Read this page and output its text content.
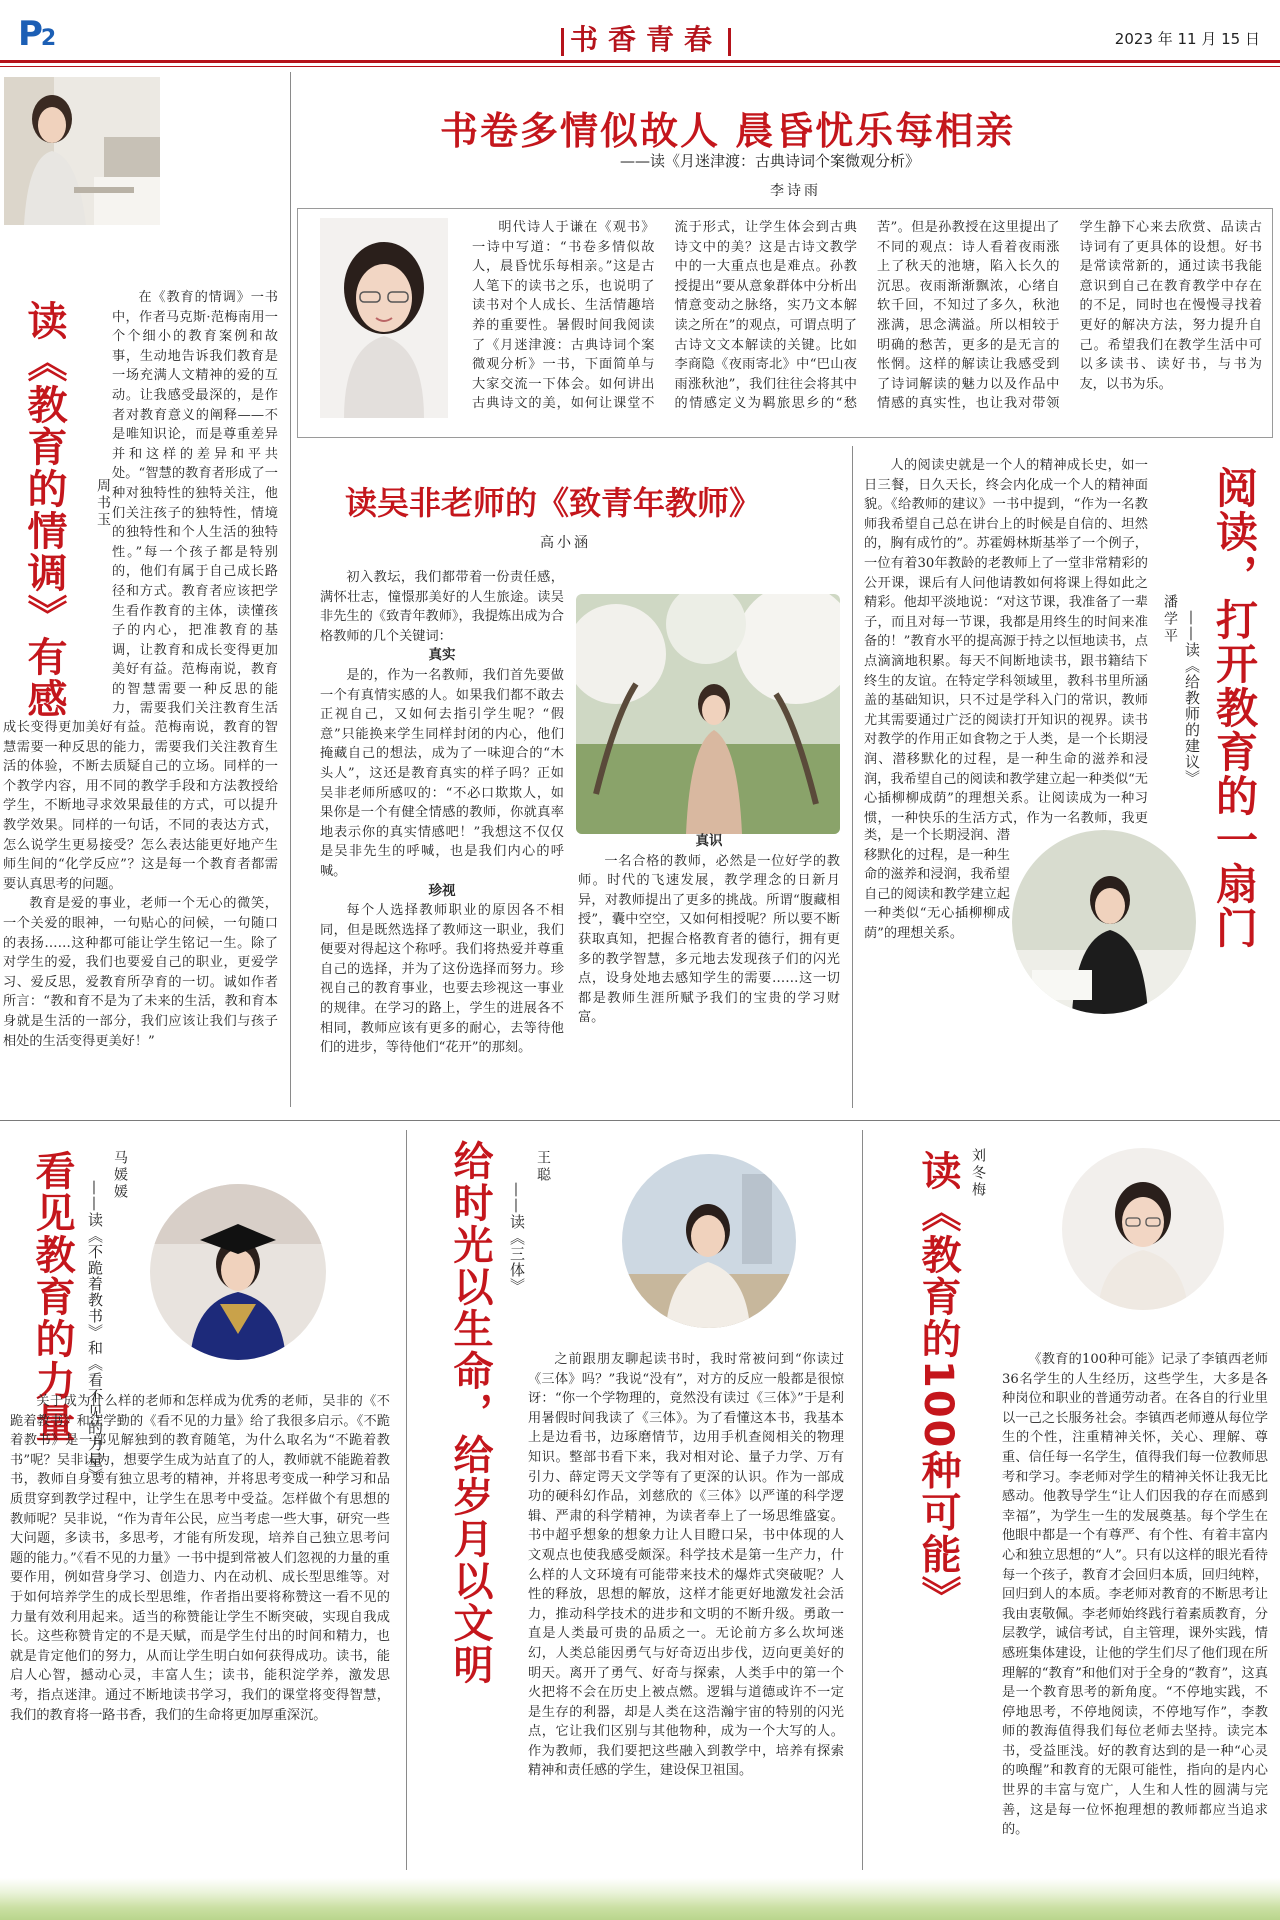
P2	书香青春	2023 年 11 月 15 日
读《教育的情调》有感 周书玉

在《教育的情调》一书中，作者马克斯·范梅南用一个个细小的教育案例和故事，生动地告诉我们教育是一场充满人文精神的爱的互动。让我感受最深的，是作者对教育意义的阐释——不是唯知识论，而是尊重差异并和这样的差异和平共处。“智慧的教育者形成了一种对独特性的独特关注，他们关注孩子的独特性，情境的独特性和个人生活的独特性。”每一个孩子都是特别的，他们有属于自己成长路径和方式。教育者应该把学生看作教育的主体，读懂孩子的内心，把准教育的基调，让教育和成长变得更加美好有益。范梅南说，教育的智慧需要一种反思的能力，需要我们关注教育生活

成长变得更加美好有益。范梅南说，教育的智慧需要一种反思的能力，需要我们关注教育生活的体验，不断去质疑自己的立场。同样的一个教学内容，用不同的教学手段和方法教授给学生，不断地寻求效果最佳的方式，可以提升教学效果。同样的一句话，不同的表达方式，怎么说学生更易接受？怎么表达能更好地产生师生间的“化学反应”？这是每一个教育者都需要认真思考的问题。

教育是爱的事业，老师一个无心的微笑，一个关爱的眼神，一句贴心的问候，一句随口的表扬……这种都可能让学生铭记一生。除了对学生的爱，我们也要爱自己的职业，更爱学习、爱反思，爱教育所孕育的一切。诚如作者所言：“教和育不是为了未来的生活，教和育本身就是生活的一部分，我们应该让我们与孩子相处的生活变得更美好！”

书卷多情似故人 晨昏忧乐每相亲
——读《月迷津渡：古典诗词个案微观分析》
李诗雨

明代诗人于谦在《观书》一诗中写道：“书卷多情似故人，晨昏忧乐每相亲。”这是古人笔下的读书之乐，也说明了读书对个人成长、生活情趣培养的重要性。暑假时间我阅读了《月迷津渡：古典诗词个案微观分析》一书，下面简单与大家交流一下体会。如何讲出古典诗文的美，如何让课堂不流于形式，让学生体会到古典诗文中的美？这是古诗文教学中的一大重点也是难点。孙教授提出“要从意象群体中分析出情意变动之脉络，实乃文本解读之所在”的观点，可谓点明了古诗文文本解读的关键。比如李商隐《夜雨寄北》中“巴山夜雨涨秋池”，我们往往会将其中的情感定义为羁旅思乡的“愁苦”。但是孙教授在这里提出了不同的观点：诗人看着夜雨涨上了秋天的池塘，陷入长久的沉思。夜雨渐渐飘浓，心绪自软千回，不知过了多久，秋池涨满，思念满溢。所以相较于明确的愁苦，更多的是无言的怅惘。这样的解读让我感受到了诗词解读的魅力以及作品中情感的真实性，也让我对带领学生静下心来去欣赏、品读古诗词有了更具体的设想。好书是常读常新的，通过读书我能意识到自己在教育教学中存在的不足，同时也在慢慢寻找着更好的解决方法，努力提升自己。希望我们在教学生活中可以多读书、读好书，与书为友，以书为乐。

读吴非老师的《致青年教师》
高小涵

初入教坛，我们都带着一份责任感，满怀壮志，憧憬那美好的人生旅途。读吴非先生的《致青年教师》，我提炼出成为合格教师的几个关键词：

真实

是的，作为一名教师，我们首先要做一个有真情实感的人。如果我们都不敢去正视自己，又如何去指引学生呢？“假意”只能换来学生同样封闭的内心，他们掩藏自己的想法，成为了一味迎合的“木头人”，这还是教育真实的样子吗？正如吴非老师所感叹的：“不必口欺欺人，如果你是一个有健全情感的教师，你就真率地表示你的真实情感吧！”我想这不仅仅是吴非先生的呼喊，也是我们内心的呼喊。

珍视

每个人选择教师职业的原因各不相同，但是既然选择了教师这一职业，我们便要对得起这个称呼。我们将热爱并尊重自己的选择，并为了这份选择而努力。珍视自己的教育事业，也要去珍视这一事业的规律。在学习的路上，学生的进展各不相同，教师应该有更多的耐心，去等待他们的进步，等待他们“花开”的那刻。

真识

一名合格的教师，必然是一位好学的教师。时代的飞速发展，教学理念的日新月异，对教师提出了更多的挑战。所谓“腹藏相授”，囊中空空，又如何相授呢？所以要不断获取真知，把握合格教育者的德行，拥有更多的教学智慧，多元地去发现孩子们的闪光点，设身处地去感知学生的需要……这一切都是教师生涯所赋予我们的宝贵的学习财富。

阅读，打开教育的一扇门
——读《给教师的建议》
潘学平

人的阅读史就是一个人的精神成长史，如一日三餐，日久天长，终会内化成一个人的精神面貌。《给教师的建议》一书中提到，“作为一名教师我希望自己总在讲台上的时候是自信的、坦然的，胸有成竹的”。苏霍姆林斯基举了一个例子，一位有着30年教龄的老教师上了一堂非常精彩的公开课，课后有人问他请教如何将课上得如此之精彩。他却平淡地说：“对这节课，我准备了一辈子，而且对每一节课，我都是用终生的时间来准备的！”教育水平的提高源于持之以恒地读书，点点滴滴地积累。每天不间断地读书，跟书籍结下终生的友谊。在特定学科领域里，教科书里所涵盖的基础知识，只不过是学科入门的常识，教师尤其需要通过广泛的阅读打开知识的视界。读书对教学的作用正如食物之于人类，是一个长期浸润、潜移默化的过程，是一种生命的滋养和浸润，我希望自己的阅读和教学建立起一种类似“无心插柳柳成荫”的理想关系。让阅读成为一种习惯，一种快乐的生活方式，作为一名教师，我更

类，是一个长期浸润、潜移默化的过程，是一种生命的滋养和浸润，我希望自己的阅读和教学建立起一种类似“无心插柳柳成荫”的理想关系。

看见教育的力量	马媛媛
——读《不跪着教书》和《看不见的力量》

关于成为什么样的老师和怎样成为优秀的老师，吴非的《不跪着教书》和汪学勤的《看不见的力量》给了我很多启示。《不跪着教书》是一部见解独到的教育随笔，为什么取名为“不跪着教书”呢？吴非认为，想要学生成为站直了的人，教师就不能跪着教书，教师自身要有独立思考的精神，并将思考变成一种学习和品质贯穿到教学过程中，让学生在思考中受益。怎样做个有思想的教师呢？吴非说，“作为青年公民，应当考虑一些大事，研究一些大问题，多读书，多思考，才能有所发现，培养自己独立思考问题的能力。”《看不见的力量》一书中提到常被人们忽视的力量的重要作用，例如营身学习、创造力、内在动机、成长型思维等。对于如何培养学生的成长型思维，作者指出要将称赞这一看不见的力量有效利用起来。适当的称赞能让学生不断突破，实现自我成长。这些称赞肯定的不是天赋，而是学生付出的时间和精力，也就是肯定他们的努力，从而让学生明白如何获得成功。读书，能启人心智，撼动心灵，丰富人生；读书，能积淀学养，激发思考，指点迷津。通过不断地读书学习，我们的课堂将变得智慧，我们的教育将一路书香，我们的生命将更加厚重深沉。

给时光以生命，给岁月以文明	王聪
——读《三体》

之前跟朋友聊起读书时，我时常被问到“你读过《三体》吗？”我说“没有”，对方的反应一般都是很惊讶：“你一个学物理的，竟然没有读过《三体》”于是利用暑假时间我读了《三体》。为了看懂这本书，我基本上是边看书，边琢磨情节，边用手机查阅相关的物理知识。整部书看下来，我对相对论、量子力学、万有引力、薛定谔天文学等有了更深的认识。作为一部成功的硬科幻作品，刘慈欣的《三体》以严谨的科学逻辑、严肃的科学精神，为读者奉上了一场思维盛宴。书中超乎想象的想象力让人目瞪口呆，书中体现的人文观点也使我感受颇深。科学技术是第一生产力，什么样的人文环境有可能带来技术的爆炸式突破呢？人性的释放，思想的解放，这样才能更好地激发社会活力，推动科学技术的进步和文明的不断升级。勇敢一直是人类最可贵的品质之一。无论前方多么坎坷迷幻，人类总能因勇气与好奇迈出步伐，迈向更美好的明天。离开了勇气、好奇与探索，人类手中的第一个火把将不会在历史上被点燃。逻辑与道德或许不一定是生存的利器，却是人类在这浩瀚宇宙的特别的闪光点，它让我们区别与其他物种，成为一个大写的人。作为教师，我们要把这些融入到教学中，培养有探索精神和责任感的学生，建设保卫祖国。

读《教育的100种可能》 刘冬梅

《教育的100种可能》记录了李镇西老师36名学生的人生经历，这些学生，大多是各种岗位和职业的普通劳动者。在各自的行业里以一己之长服务社会。李镇西老师遵从每位学生的个性，注重精神关怀，关心、理解、尊重、信任每一名学生，值得我们每一位教师思考和学习。李老师对学生的精神关怀让我无比感动。他教导学生“让人们因我的存在而感到幸福”，为学生一生的发展奠基。每个学生在他眼中都是一个有尊严、有个性、有着丰富内心和独立思想的“人”。只有以这样的眼光看待每一个孩子，教育才会回归本质，回归纯粹，回归到人的本质。李老师对教育的不断思考让我由衷敬佩。李老师始终践行着素质教育，分层教学，诚信考试，自主管理，课外实践，情感班集体建设，让他的学生们尽了他们现在所理解的“教育”和他们对于全身的“教育”，这真是一个教育思考的新角度。“不停地实践，不停地思考，不停地阅读，不停地写作”，李教师的教海值得我们每位老师去坚持。读完本书，受益匪浅。好的教育达到的是一种“心灵的唤醒”和教育的无限可能性，指向的是内心世界的丰富与宽广，人生和人性的圆满与完善，这是每一位怀抱理想的教师都应当追求的。
